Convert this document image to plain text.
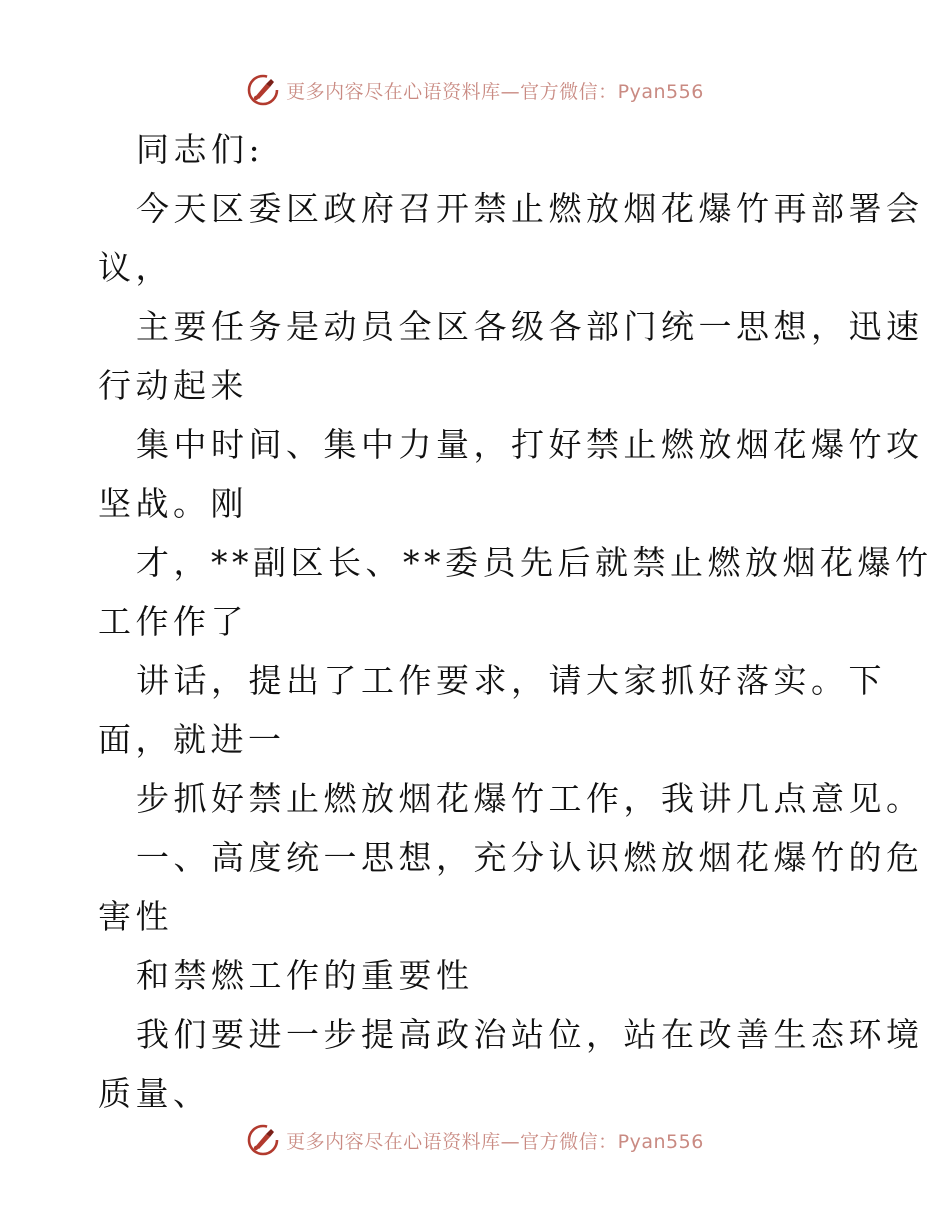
更多内容尽在心语资料库—官方微信：Pyan556

同志们:

今天区委区政府召开禁止燃放烟花爆竹再部署会

议，

主要任务是动员全区各级各部门统一思想，迅速

行动起来

集中时间、集中力量，打好禁止燃放烟花爆竹攻

坚战。刚

才，**副区长、**委员先后就禁止燃放烟花爆竹

工作作了

讲话，提出了工作要求，请大家抓好落实。下

面，就进一

步抓好禁止燃放烟花爆竹工作，我讲几点意见。

一、高度统一思想，充分认识燃放烟花爆竹的危

害性

和禁燃工作的重要性

我们要进一步提高政治站位，站在改善生态环境

质量、

更多内容尽在心语资料库—官方微信：Pyan556
